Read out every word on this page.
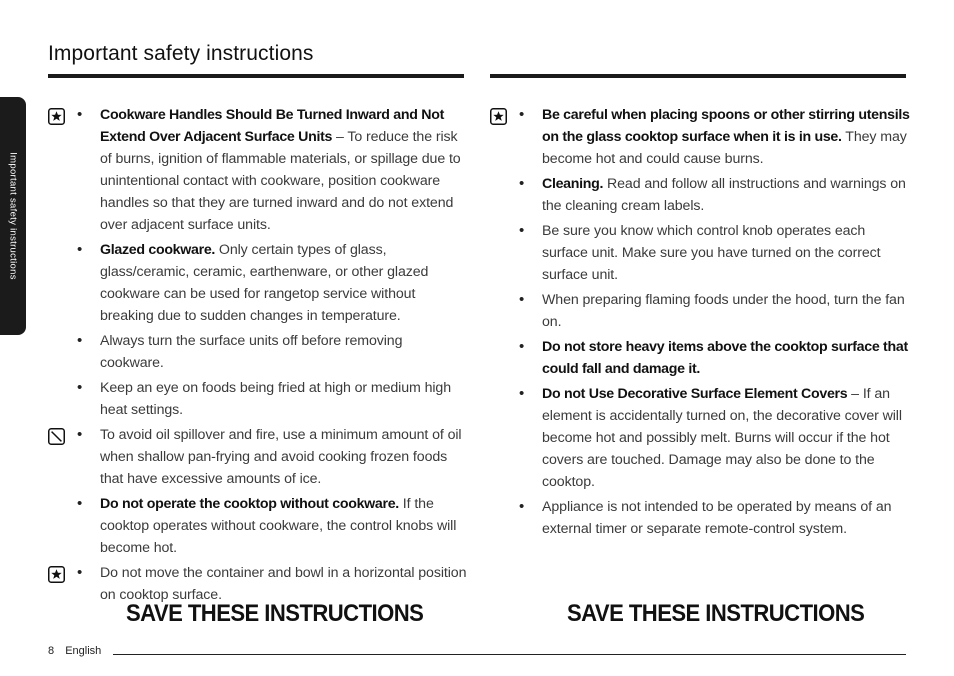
Important safety instructions
Important safety instructions
• Cookware Handles Should Be Turned Inward and Not Extend Over Adjacent Surface Units – To reduce the risk of burns, ignition of flammable materials, or spillage due to unintentional contact with cookware, position cookware handles so that they are turned inward and do not extend over adjacent surface units.
• Glazed cookware. Only certain types of glass, glass/ceramic, ceramic, earthenware, or other glazed cookware can be used for rangetop service without breaking due to sudden changes in temperature.
• Always turn the surface units off before removing cookware.
• Keep an eye on foods being fried at high or medium high heat settings.
• To avoid oil spillover and fire, use a minimum amount of oil when shallow pan-frying and avoid cooking frozen foods that have excessive amounts of ice.
• Do not operate the cooktop without cookware. If the cooktop operates without cookware, the control knobs will become hot.
• Do not move the container and bowl in a horizontal position on cooktop surface.
• Be careful when placing spoons or other stirring utensils on the glass cooktop surface when it is in use. They may become hot and could cause burns.
• Cleaning. Read and follow all instructions and warnings on the cleaning cream labels.
• Be sure you know which control knob operates each surface unit. Make sure you have turned on the correct surface unit.
• When preparing flaming foods under the hood, turn the fan on.
• Do not store heavy items above the cooktop surface that could fall and damage it.
• Do not Use Decorative Surface Element Covers – If an element is accidentally turned on, the decorative cover will become hot and possibly melt. Burns will occur if the hot covers are touched. Damage may also be done to the cooktop.
• Appliance is not intended to be operated by means of an external timer or separate remote-control system.
SAVE THESE INSTRUCTIONS	SAVE THESE INSTRUCTIONS
8 English
